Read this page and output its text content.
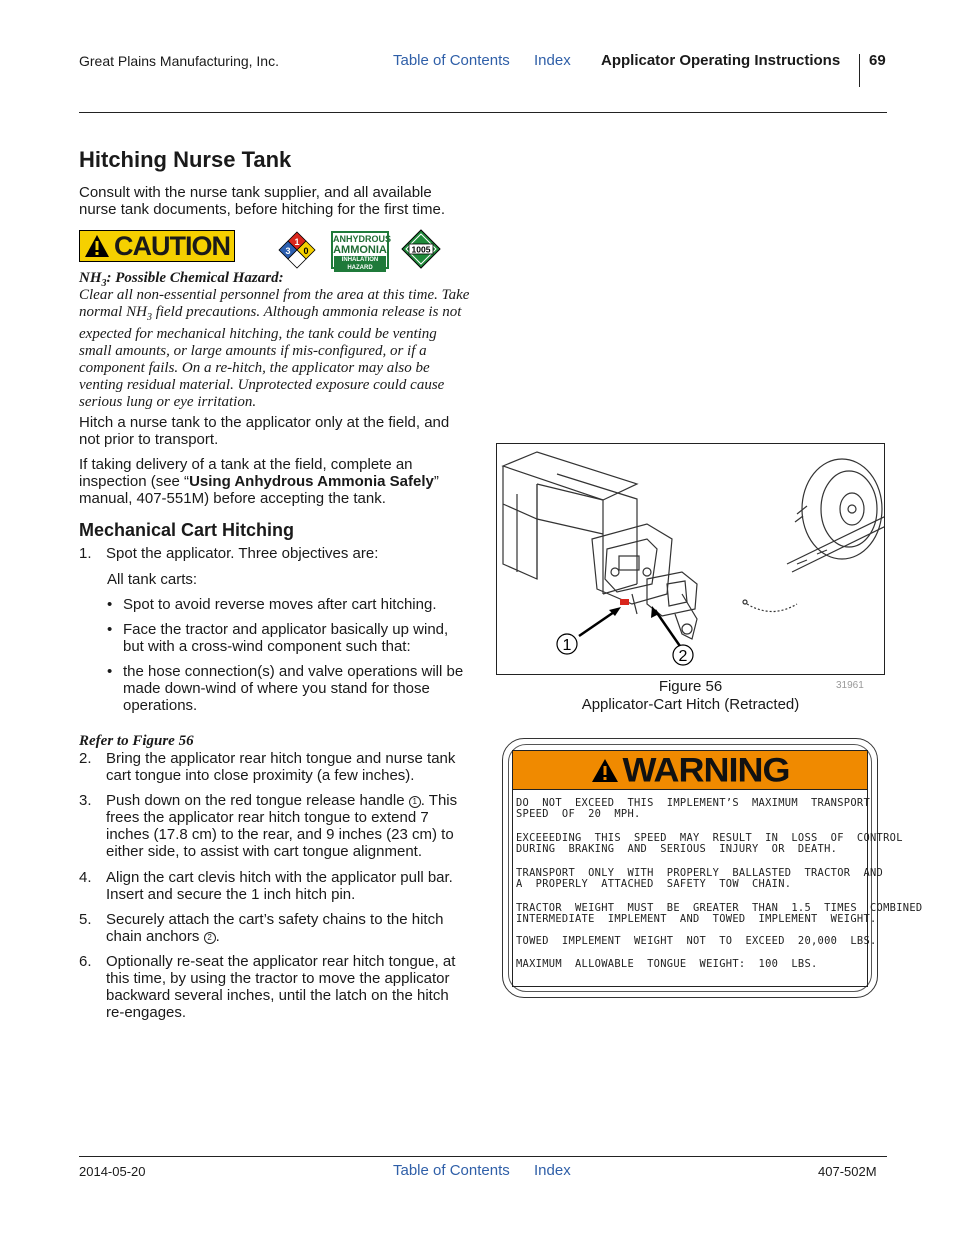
Great Plains Manufacturing, Inc.	Table of Contents Index Applicator Operating Instructions 69
Hitching Nurse Tank
Consult with the nurse tank supplier, and all available nurse tank documents, before hitching for the first time.
CAUTION	1
3 0
ANHYDROUS
AMMONIA
INHALATION HAZARD
1005
$NH_3$: Possible Chemical Hazard:
Clear all non-essential personnel from the area at this time. Take normal $NH_3$ field precautions. Although ammonia release is not expected for mechanical hitching, the tank could be venting small amounts, or large amounts if mis-configured, or if a component fails. On a re-hitch, the applicator may also be venting residual material. Unprotected exposure could cause serious lung or eye irritation.
Hitch a nurse tank to the applicator only at the field, and not prior to transport.
If taking delivery of a tank at the field, complete an inspection (see “Using Anhydrous Ammonia Safely” manual, 407-551M) before accepting the tank.
Mechanical Cart Hitching
1. Spot the applicator. Three objectives are:
All tank carts:
• Spot to avoid reverse moves after cart hitching.
• Face the tractor and applicator basically up wind, but with a cross-wind component such that:
• the hose connection(s) and valve operations will be made down-wind of where you stand for those operations.
Refer to Figure 56
2. Bring the applicator rear hitch tongue and nurse tank cart tongue into close proximity (a few inches).
3. Push down on the red tongue release handle 1 . This frees the applicator rear hitch tongue to extend 7 inches (17.8 cm) to the rear, and 9 inches (23 cm) to either side, to assist with cart tongue alignment.
4. Align the cart clevis hitch with the applicator pull bar. Insert and secure the 1 inch hitch pin.
5. Securely attach the cart’s safety chains to the hitch chain anchors 2 .
6. Optionally re-seat the applicator rear hitch tongue, at this time, by using the tractor to move the applicator backward several inches, until the latch on the hitch re-engages.
1
2
31961
Figure 56
Applicator-Cart Hitch (Retracted)
WARNING
DO  NOT  EXCEED  THIS  IMPLEMENT’S  MAXIMUM  TRANSPORT
SPEED  OF  20  MPH.
EXCEEEDING  THIS  SPEED  MAY  RESULT  IN  LOSS  OF  CONTROL
DURING  BRAKING  AND  SERIOUS  INJURY  OR  DEATH.
TRANSPORT  ONLY  WITH  PROPERLY  BALLASTED  TRACTOR  AND
A  PROPERLY  ATTACHED  SAFETY  TOW  CHAIN.
TRACTOR  WEIGHT  MUST  BE  GREATER  THAN  1.5  TIMES  COMBINED
INTERMEDIATE  IMPLEMENT  AND  TOWED  IMPLEMENT  WEIGHT.
TOWED  IMPLEMENT  WEIGHT  NOT  TO  EXCEED  20,000  LBS.
MAXIMUM  ALLOWABLE  TONGUE  WEIGHT:  100  LBS.
2014-05-20	Table of Contents Index	407-502M
